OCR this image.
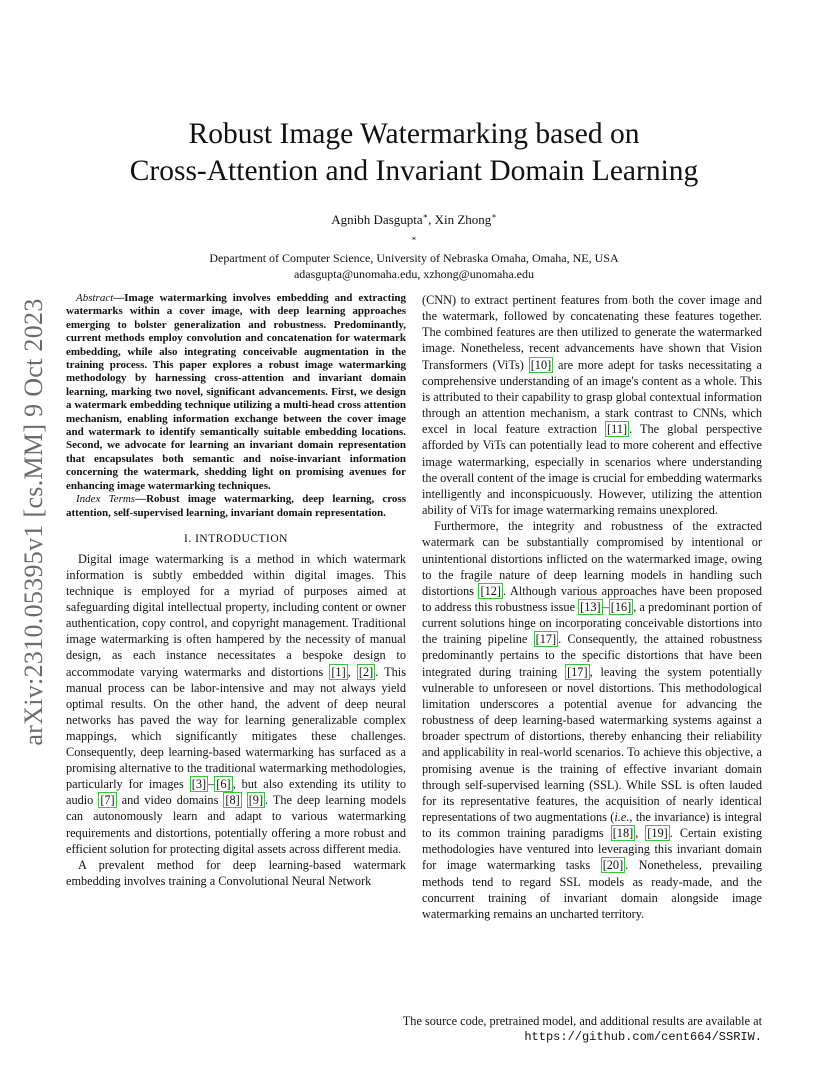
arXiv:2310.05395v1 [cs.MM] 9 Oct 2023
Robust Image Watermarking based on
Cross-Attention and Invariant Domain Learning
Agnibh Dasgupta∗, Xin Zhong∗
∗
Department of Computer Science, University of Nebraska Omaha, Omaha, NE, USA
adasgupta@unomaha.edu, xzhong@unomaha.edu

Abstract—Image watermarking involves embedding and extracting watermarks within a cover image, with deep learning approaches emerging to bolster generalization and robustness. Predominantly, current methods employ convolution and concatenation for watermark embedding, while also integrating conceivable augmentation in the training process. This paper explores a robust image watermarking methodology by harnessing cross-attention and invariant domain learning, marking two novel, significant advancements. First, we design a watermark embedding technique utilizing a multi-head cross attention mechanism, enabling information exchange between the cover image and watermark to identify semantically suitable embedding locations. Second, we advocate for learning an invariant domain representation that encapsulates both semantic and noise-invariant information concerning the watermark, shedding light on promising avenues for enhancing image watermarking techniques.

Index Terms—Robust image watermarking, deep learning, cross attention, self-supervised learning, invariant domain representation.

I. INTRODUCTION

Digital image watermarking is a method in which watermark information is subtly embedded within digital images. This technique is employed for a myriad of purposes aimed at safeguarding digital intellectual property, including content or owner authentication, copy control, and copyright management. Traditional image watermarking is often hampered by the necessity of manual design, as each instance necessitates a bespoke design to accommodate varying watermarks and distortions [1] , [2] . This manual process can be labor-intensive and may not always yield optimal results. On the other hand, the advent of deep neural networks has paved the way for learning generalizable complex mappings, which significantly mitigates these challenges. Consequently, deep learning-based watermarking has surfaced as a promising alternative to the traditional watermarking methodologies, particularly for images [3] – [6] , but also extending its utility to audio [7] and video domains [8] [9] . The deep learning models can autonomously learn and adapt to various watermarking requirements and distortions, potentially offering a more robust and efficient solution for protecting digital assets across different media.

A prevalent method for deep learning-based watermark embedding involves training a Convolutional Neural Network

(CNN) to extract pertinent features from both the cover image and the watermark, followed by concatenating these features together. The combined features are then utilized to generate the watermarked image. Nonetheless, recent advancements have shown that Vision Transformers (ViTs) [10] are more adept for tasks necessitating a comprehensive understanding of an image's content as a whole. This is attributed to their capability to grasp global contextual information through an attention mechanism, a stark contrast to CNNs, which excel in local feature extraction [11] . The global perspective afforded by ViTs can potentially lead to more coherent and effective image watermarking, especially in scenarios where understanding the overall content of the image is crucial for embedding watermarks intelligently and inconspicuously. However, utilizing the attention ability of ViTs for image watermarking remains unexplored.

Furthermore, the integrity and robustness of the extracted watermark can be substantially compromised by intentional or unintentional distortions inflicted on the watermarked image, owing to the fragile nature of deep learning models in handling such distortions [12] . Although various approaches have been proposed to address this robustness issue [13] – [16] , a predominant portion of current solutions hinge on incorporating conceivable distortions into the training pipeline [17] . Consequently, the attained robustness predominantly pertains to the specific distortions that have been integrated during training [17] , leaving the system potentially vulnerable to unforeseen or novel distortions. This methodological limitation underscores a potential avenue for advancing the robustness of deep learning-based watermarking systems against a broader spectrum of distortions, thereby enhancing their reliability and applicability in real-world scenarios. To achieve this objective, a promising avenue is the training of effective invariant domain through self-supervised learning (SSL). While SSL is often lauded for its representative features, the acquisition of nearly identical representations of two augmentations (i.e., the invariance) is integral to its common training paradigms [18] , [19] . Certain existing methodologies have ventured into leveraging this invariant domain for image watermarking tasks [20] . Nonetheless, prevailing methods tend to regard SSL models as ready-made, and the concurrent training of invariant domain alongside image watermarking remains an uncharted territory.

The source code, pretrained model, and additional results are available at
https://github.com/cent664/SSRIW.
